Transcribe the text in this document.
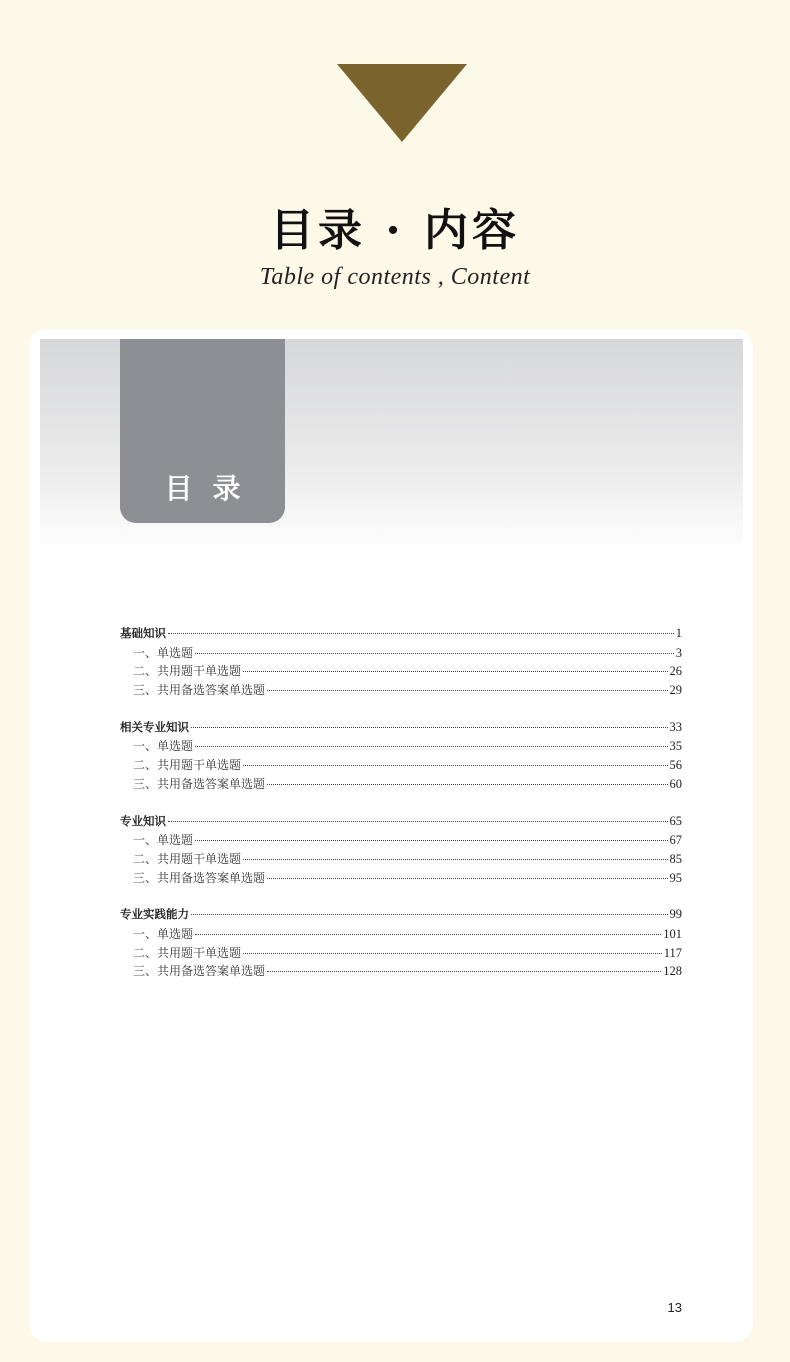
目录 · 内容
Table of contents , Content
目录
基础知识	1
一、单选题	3
二、共用题干单选题	26
三、共用备选答案单选题	29
相关专业知识	33
一、单选题	35
二、共用题干单选题	56
三、共用备选答案单选题	60
专业知识	65
一、单选题	67
二、共用题干单选题	85
三、共用备选答案单选题	95
专业实践能力	99
一、单选题	101
二、共用题干单选题	117
三、共用备选答案单选题	128
13
